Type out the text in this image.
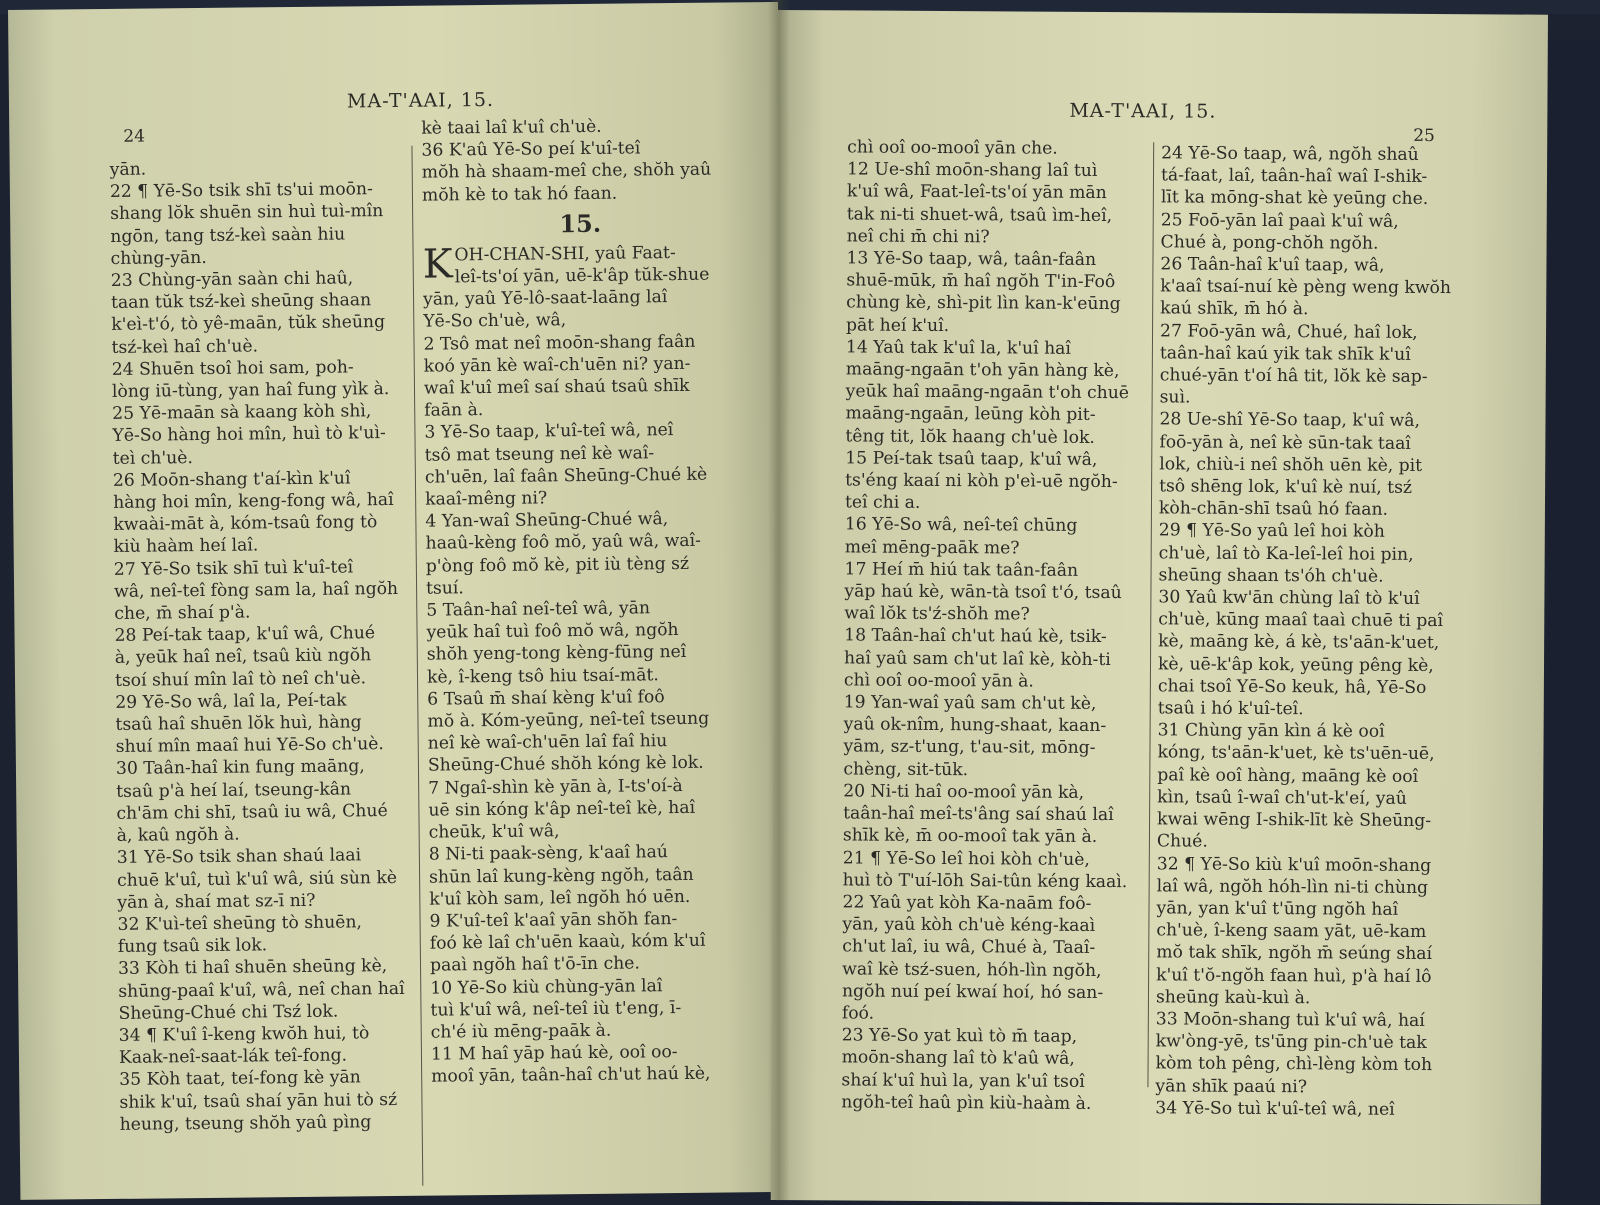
24
MA-T'AAI, 15.

yān.

22 ¶ Yē-So tsik shī ts'ui moōn-

shang lŏk shuēn sin huì tuì-mîn

ngōn, tang tsź-keì saàn hiu

chùng-yān.

23 Chùng-yān saàn chi haû,

taan tŭk tsź-keì sheūng shaan

k'eì-t'ó, tò yê-maān, tŭk sheūng

tsź-keì haî ch'uè.

24 Shuēn tsoî hoi sam, poh-

lòng iū-tùng, yan haî fung yìk à.

25 Yē-maān sà kaang kòh shì,

Yē-So hàng hoi mîn, huì tò k'uì-

teì ch'uè.

26 Moōn-shang t'aí-kìn k'uî

hàng hoi mîn, keng-fong wâ, haî

kwaài-māt à, kóm-tsaû fong tò

kiù haàm heí laî.

27 Yē-So tsik shī tuì k'uî-teî

wâ, neî-teî fòng sam la, haî ngŏh

che, m̄ shaí p'à.

28 Peí-tak taap, k'uî wâ, Chué

à, yeūk haî neî, tsaû kiù ngŏh

tsoí shuí mîn laî tò neî ch'uè.

29 Yē-So wâ, laî la, Peí-tak

tsaû haî shuēn lŏk huì, hàng

shuí mîn maaî hui Yē-So ch'uè.

30 Taân-haî kin fung maāng,

tsaû p'à heí laí, tseung-kân

ch'ām chi shī, tsaû iu wâ, Chué

à, kaû ngŏh à.

31 Yē-So tsik shan shaú laai

chuē k'uî, tuì k'uî wâ, siú sùn kè

yān à, shaí mat sz-ī ni?

32 K'uì-teî sheūng tò shuēn,

fung tsaû sik lok.

33 Kòh ti haî shuēn sheūng kè,

shūng-paaî k'uî, wâ, neî chan haî

Sheūng-Chué chi Tsź lok.

34 ¶ K'uî î-keng kwŏh hui, tò

Kaak-neî-saat-lák teî-fong.

35 Kòh taat, teí-fong kè yān

shik k'uî, tsaû shaí yān hui tò sź

heung, tseung shŏh yaû pìng

kè taai laî k'uî ch'uè.

36 K'aû Yē-So peí k'uî-teî

mŏh hà shaam-meî che, shŏh yaû

mŏh kè to tak hó faan.

15.
K OH-CHAN-SHI, yaû Faat-

leî-ts'oí yān, uē-k'âp tŭk-shue

yān, yaû Yē-lô-saat-laāng laî

Yē-So ch'uè, wâ,

2 Tsô mat neî moōn-shang faân

koó yān kè waî-ch'uēn ni? yan-

waî k'uî meî saí shaú tsaû shīk

faān à.

3 Yē-So taap, k'uî-teî wâ, neî

tsô mat tseung neî kè waî-

ch'uēn, laî faân Sheūng-Chué kè

kaaî-mêng ni?

4 Yan-waî Sheūng-Chué wâ,

haaû-kèng foô mŏ, yaû wâ, waî-

p'òng foô mŏ kè, pit iù tèng sź

tsuí.

5 Taân-haî neî-teî wâ, yān

yeūk haî tuì foô mŏ wâ, ngŏh

shŏh yeng-tong kèng-fūng neî

kè, î-keng tsô hiu tsaí-māt.

6 Tsaû m̄ shaí kèng k'uî foô

mŏ à. Kóm-yeūng, neî-teî tseung

neî kè waî-ch'uēn laî faî hiu

Sheūng-Chué shŏh kóng kè lok.

7 Ngaî-shìn kè yān à, I-ts'oí-à

uē sin kóng k'âp neî-teî kè, haî

cheūk, k'uî wâ,

8 Ni-ti paak-sèng, k'aaî haú

shūn laî kung-kèng ngŏh, taân

k'uî kòh sam, leî ngŏh hó uēn.

9 K'uî-teî k'aaî yān shŏh fan-

foó kè laî ch'uēn kaaù, kóm k'uî

paaì ngŏh haî t'ō-īn che.

10 Yē-So kiù chùng-yān laî

tuì k'uî wâ, neî-teî iù t'eng, ī-

ch'é iù mēng-paāk à.

11 M haî yāp haú kè, ooî oo-

mooî yān, taân-haî ch'ut haú kè,

MA-T'AAI, 15.
25

chì ooî oo-mooî yān che.

12 Ue-shî moōn-shang laî tuì

k'uî wâ, Faat-leî-ts'oí yān mān

tak ni-ti shuet-wâ, tsaû ìm-heî,

neî chi m̄ chi ni?

13 Yē-So taap, wâ, taân-faân

shuē-mūk, m̄ haî ngŏh T'in-Foô

chùng kè, shì-pit lìn kan-k'eūng

pāt heí k'uî.

14 Yaû tak k'uî la, k'uî haî

maāng-ngaān t'oh yān hàng kè,

yeūk haî maāng-ngaān t'oh chuē

maāng-ngaān, leūng kòh pit-

têng tit, lŏk haang ch'uè lok.

15 Peí-tak tsaû taap, k'uî wâ,

ts'éng kaaí ni kòh p'eì-uē ngŏh-

teî chi a.

16 Yē-So wâ, neî-teî chūng

meî mēng-paāk me?

17 Heí m̄ hiú tak taân-faân

yāp haú kè, wān-tà tsoî t'ó, tsaû

waî lŏk ts'ź-shŏh me?

18 Taân-haî ch'ut haú kè, tsik-

haî yaû sam ch'ut laî kè, kòh-ti

chì ooî oo-mooî yān à.

19 Yan-waî yaû sam ch'ut kè,

yaû ok-nîm, hung-shaat, kaan-

yām, sz-t'ung, t'au-sit, mōng-

chèng, sit-tūk.

20 Ni-ti haî oo-mooî yān kà,

taân-haî meî-ts'âng saí shaú laî

shīk kè, m̄ oo-mooî tak yān à.

21 ¶ Yē-So leî hoi kòh ch'uè,

huì tò T'uí-lōh Sai-tûn kéng kaaì.

22 Yaû yat kòh Ka-naām foô-

yān, yaû kòh ch'uè kéng-kaaì

ch'ut laî, iu wâ, Chué à, Taaî-

waî kè tsź-suen, hóh-lìn ngŏh,

ngŏh nuí peí kwaí hoí, hó san-

foó.

23 Yē-So yat kuì tò m̄ taap,

moōn-shang laî tò k'aû wâ,

shaí k'uî huì la, yan k'uî tsoî

ngŏh-teî haû pìn kiù-haàm à.

24 Yē-So taap, wâ, ngŏh shaû

tá-faat, laî, taân-haî waî I-shik-

līt ka mōng-shat kè yeūng che.

25 Foō-yān laî paaì k'uî wâ,

Chué à, pong-chŏh ngŏh.

26 Taân-haî k'uî taap, wâ,

k'aaî tsaí-nuí kè pèng weng kwŏh

kaú shīk, m̄ hó à.

27 Foō-yān wâ, Chué, haî lok,

taân-haî kaú yik tak shīk k'uî

chué-yān t'oí hâ tit, lŏk kè sap-

suì.

28 Ue-shî Yē-So taap, k'uî wâ,

foō-yān à, neî kè sūn-tak taaî

lok, chiù-i neî shŏh uēn kè, pit

tsô shēng lok, k'uî kè nuí, tsź

kòh-chān-shī tsaû hó faan.

29 ¶ Yē-So yaû leî hoi kòh

ch'uè, laî tò Ka-leî-leî hoi pin,

sheūng shaan ts'óh ch'uè.

30 Yaû kw'ān chùng laî tò k'uî

ch'uè, kūng maaî taaì chuē ti paî

kè, maāng kè, á kè, ts'aān-k'uet,

kè, uē-k'âp kok, yeūng pêng kè,

chai tsoî Yē-So keuk, hâ, Yē-So

tsaû i hó k'uî-teî.

31 Chùng yān kìn á kè ooî

kóng, ts'aān-k'uet, kè ts'uēn-uē,

paî kè ooî hàng, maāng kè ooî

kìn, tsaû î-waî ch'ut-k'eí, yaû

kwai wēng I-shik-līt kè Sheūng-

Chué.

32 ¶ Yē-So kiù k'uî moōn-shang

laî wâ, ngŏh hóh-lìn ni-ti chùng

yān, yan k'uî t'ūng ngŏh haî

ch'uè, î-keng saam yāt, uē-kam

mŏ tak shīk, ngŏh m̄ seúng shaí

k'uî t'ŏ-ngŏh faan huì, p'à haí lô

sheūng kaù-kuì à.

33 Moōn-shang tuì k'uî wâ, haí

kw'òng-yē, ts'ūng pin-ch'uè tak

kòm toh pêng, chì-lèng kòm toh

yān shīk paaú ni?

34 Yē-So tuì k'uî-teî wâ, neî
